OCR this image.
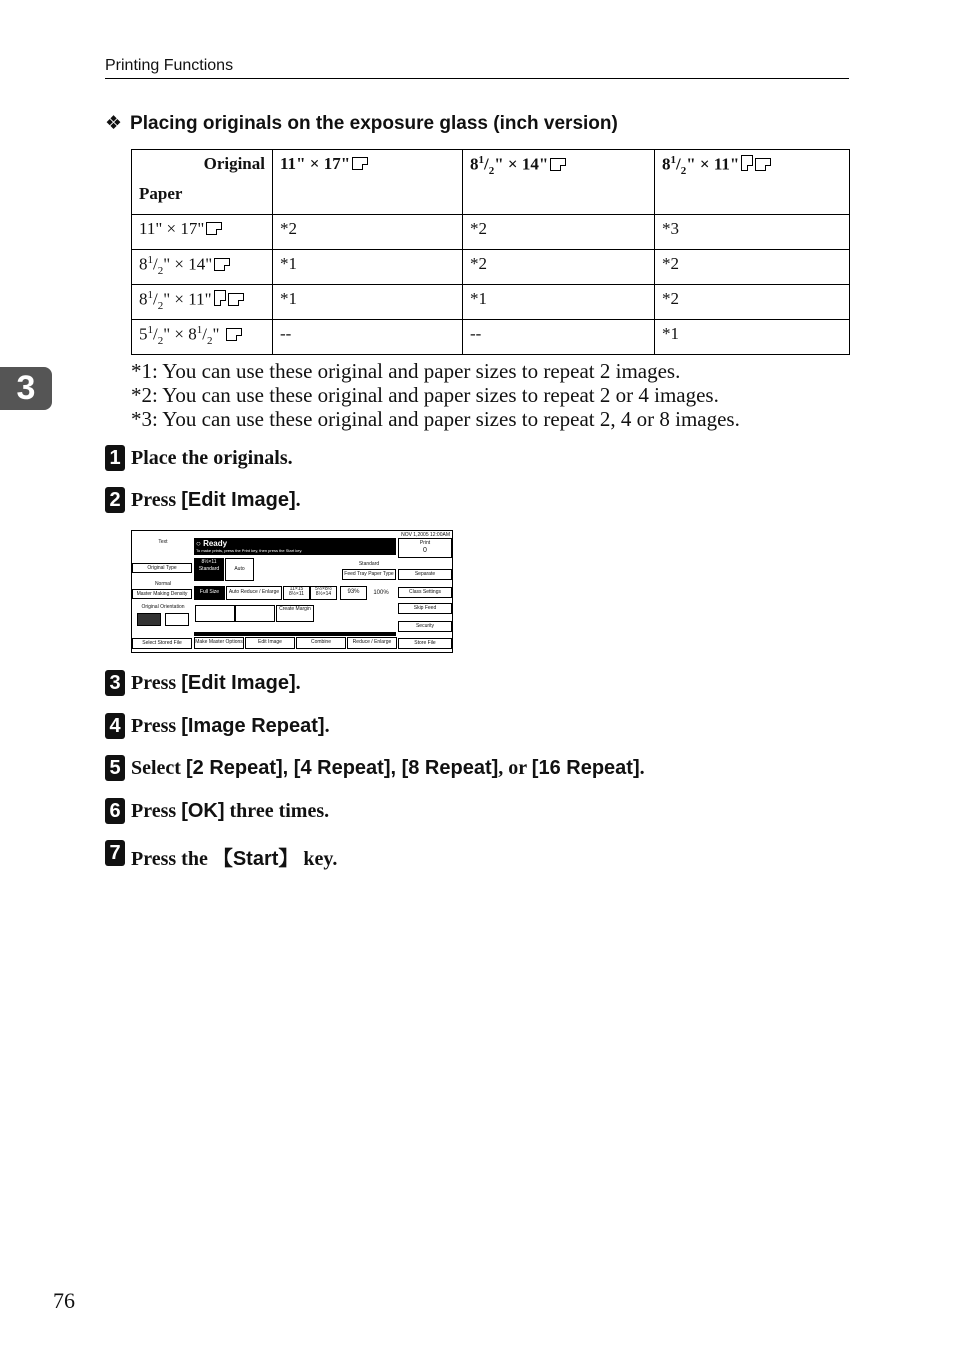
Printing Functions
❖ Placing originals on the exposure glass (inch version)
Original
Paper	11" × 17"	$8^1/_2$" × 14"	$8^1/_2$" × 11"
11" × 17"	*2	*2	*3
$8^1/_2$" × 14"	*1	*2	*2
$8^1/_2$" × 11"	*1	*1	*2
$5^1/_2$" × $8^1/_2$"	--	--	*1
*1: You can use these original and paper sizes to repeat 2 images.
*2: You can use these original and paper sizes to repeat 2 or 4 images.
*3: You can use these original and paper sizes to repeat 2, 4 or 8 images.
3
1 Place the originals.
2 Press [Edit Image].
NOV 1,2005 12:00AM
Text	○ Ready
To make prints, press the Print key, then press the Start key.
Print
0
Original Type
Normal
Master Making Density
Original Orientation
Select Stored File
8½×11
Standard	Auto
Standard
Feed Tray Paper Type
Full Size	Auto Reduce / Enlarge	11×15
8½×11
5½×8½
8½×14	93%	100%
Create Margin
Make Master Options	Edit Image	Combine	Reduce / Enlarge
Separate
Class Settings
Skip Feed
Security
Store File
3 Press [Edit Image].
4 Press [Image Repeat].
5 Select [2 Repeat], [4 Repeat], [8 Repeat], or [16 Repeat].
6 Press [OK] three times.
7 Press the 【Start】 key.
76
